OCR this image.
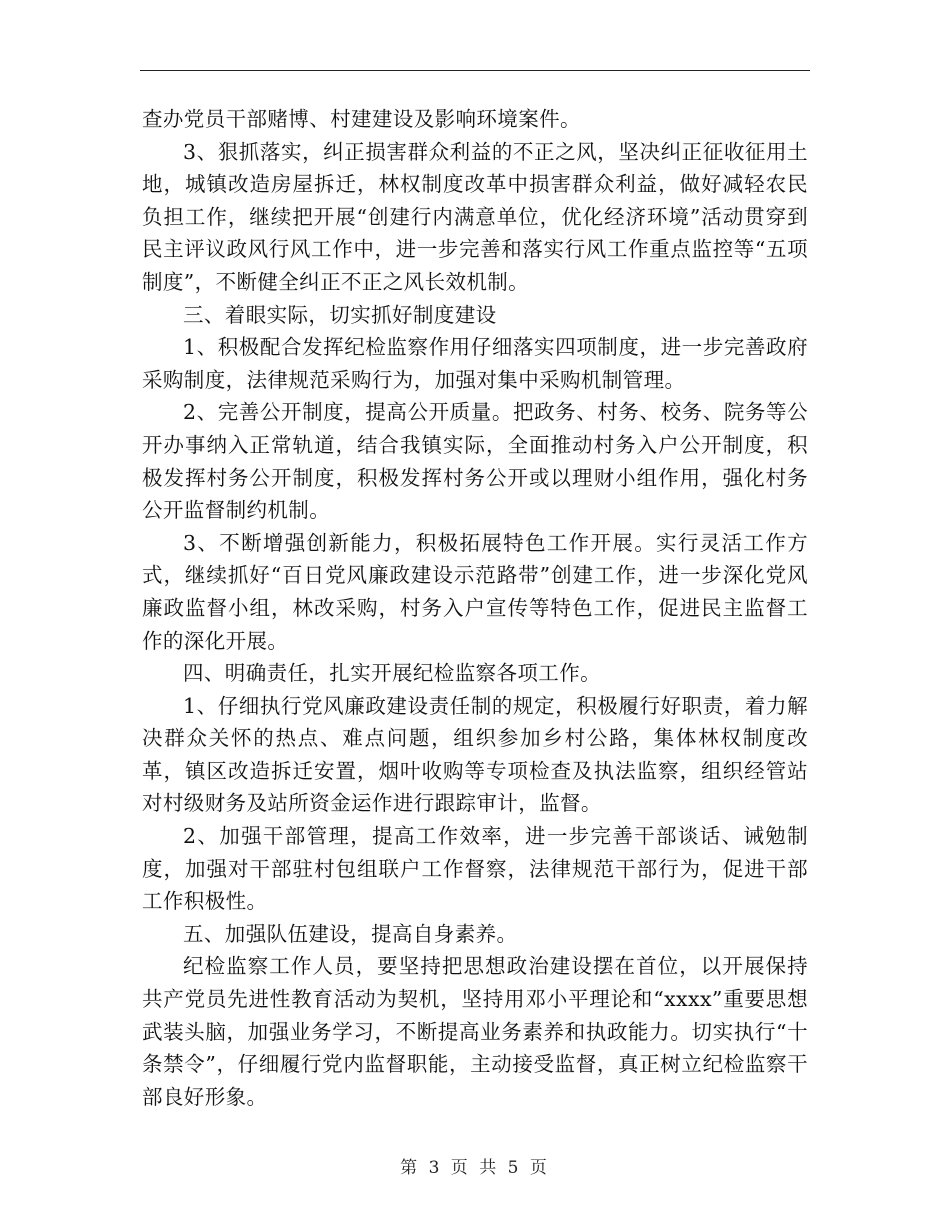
查办党员干部赌博、村建建设及影响环境案件。

3、狠抓落实，纠正损害群众利益的不正之风，坚决纠正征收征用土地，城镇改造房屋拆迁，林权制度改革中损害群众利益，做好减轻农民负担工作，继续把开展“创建行内满意单位，优化经济环境”活动贯穿到民主评议政风行风工作中，进一步完善和落实行风工作重点监控等“五项制度”，不断健全纠正不正之风长效机制。

三、着眼实际，切实抓好制度建设

1、积极配合发挥纪检监察作用仔细落实四项制度，进一步完善政府采购制度，法律规范采购行为，加强对集中采购机制管理。

2、完善公开制度，提高公开质量。把政务、村务、校务、院务等公开办事纳入正常轨道，结合我镇实际，全面推动村务入户公开制度，积极发挥村务公开制度，积极发挥村务公开或以理财小组作用，强化村务公开监督制约机制。

3、不断增强创新能力，积极拓展特色工作开展。实行灵活工作方式，继续抓好“百日党风廉政建设示范路带”创建工作，进一步深化党风廉政监督小组，林改采购，村务入户宣传等特色工作，促进民主监督工作的深化开展。

四、明确责任，扎实开展纪检监察各项工作。

1、仔细执行党风廉政建设责任制的规定，积极履行好职责，着力解决群众关怀的热点、难点问题，组织参加乡村公路，集体林权制度改革，镇区改造拆迁安置，烟叶收购等专项检查及执法监察，组织经管站对村级财务及站所资金运作进行跟踪审计，监督。

2、加强干部管理，提高工作效率，进一步完善干部谈话、诫勉制度，加强对干部驻村包组联户工作督察，法律规范干部行为，促进干部工作积极性。

五、加强队伍建设，提高自身素养。

纪检监察工作人员，要坚持把思想政治建设摆在首位，以开展保持共产党员先进性教育活动为契机，坚持用邓小平理论和“xxxx”重要思想武装头脑，加强业务学习，不断提高业务素养和执政能力。切实执行“十条禁令”，仔细履行党内监督职能，主动接受监督，真正树立纪检监察干部良好形象。

第 3 页 共 5 页
